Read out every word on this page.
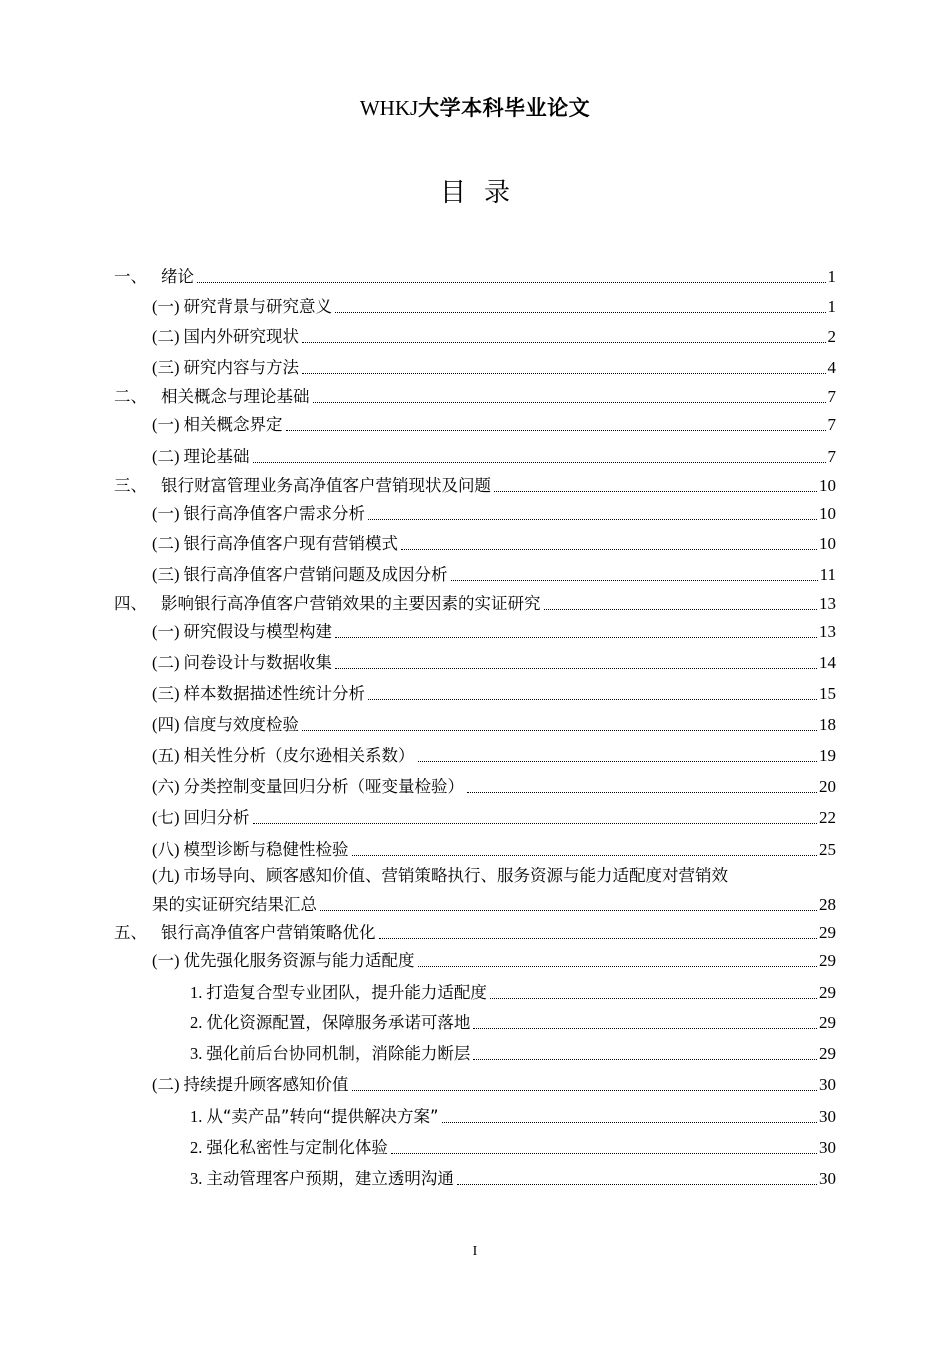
WHKJ大学本科毕业论文
目录
一、 绪论	1
(一) 研究背景与研究意义	1
(二) 国内外研究现状	2
(三) 研究内容与方法	4
二、 相关概念与理论基础	7
(一) 相关概念界定	7
(二) 理论基础	7
三、 银行财富管理业务高净值客户营销现状及问题	10
(一) 银行高净值客户需求分析	10
(二) 银行高净值客户现有营销模式	10
(三) 银行高净值客户营销问题及成因分析	11
四、 影响银行高净值客户营销效果的主要因素的实证研究	13
(一) 研究假设与模型构建	13
(二) 问卷设计与数据收集	14
(三) 样本数据描述性统计分析	15
(四) 信度与效度检验	18
(五) 相关性分析（皮尔逊相关系数）	19
(六) 分类控制变量回归分析（哑变量检验）	20
(七) 回归分析	22
(八) 模型诊断与稳健性检验	25
(九) 市场导向、顾客感知价值、营销策略执行、服务资源与能力适配度对营销效
果的实证研究结果汇总	28
五、 银行高净值客户营销策略优化	29
(一) 优先强化服务资源与能力适配度	29
1. 打造复合型专业团队，提升能力适配度	29
2. 优化资源配置，保障服务承诺可落地	29
3. 强化前后台协同机制，消除能力断层	29
(二) 持续提升顾客感知价值	30
1. 从“卖产品”转向“提供解决方案”	30
2. 强化私密性与定制化体验	30
3. 主动管理客户预期，建立透明沟通	30
I
